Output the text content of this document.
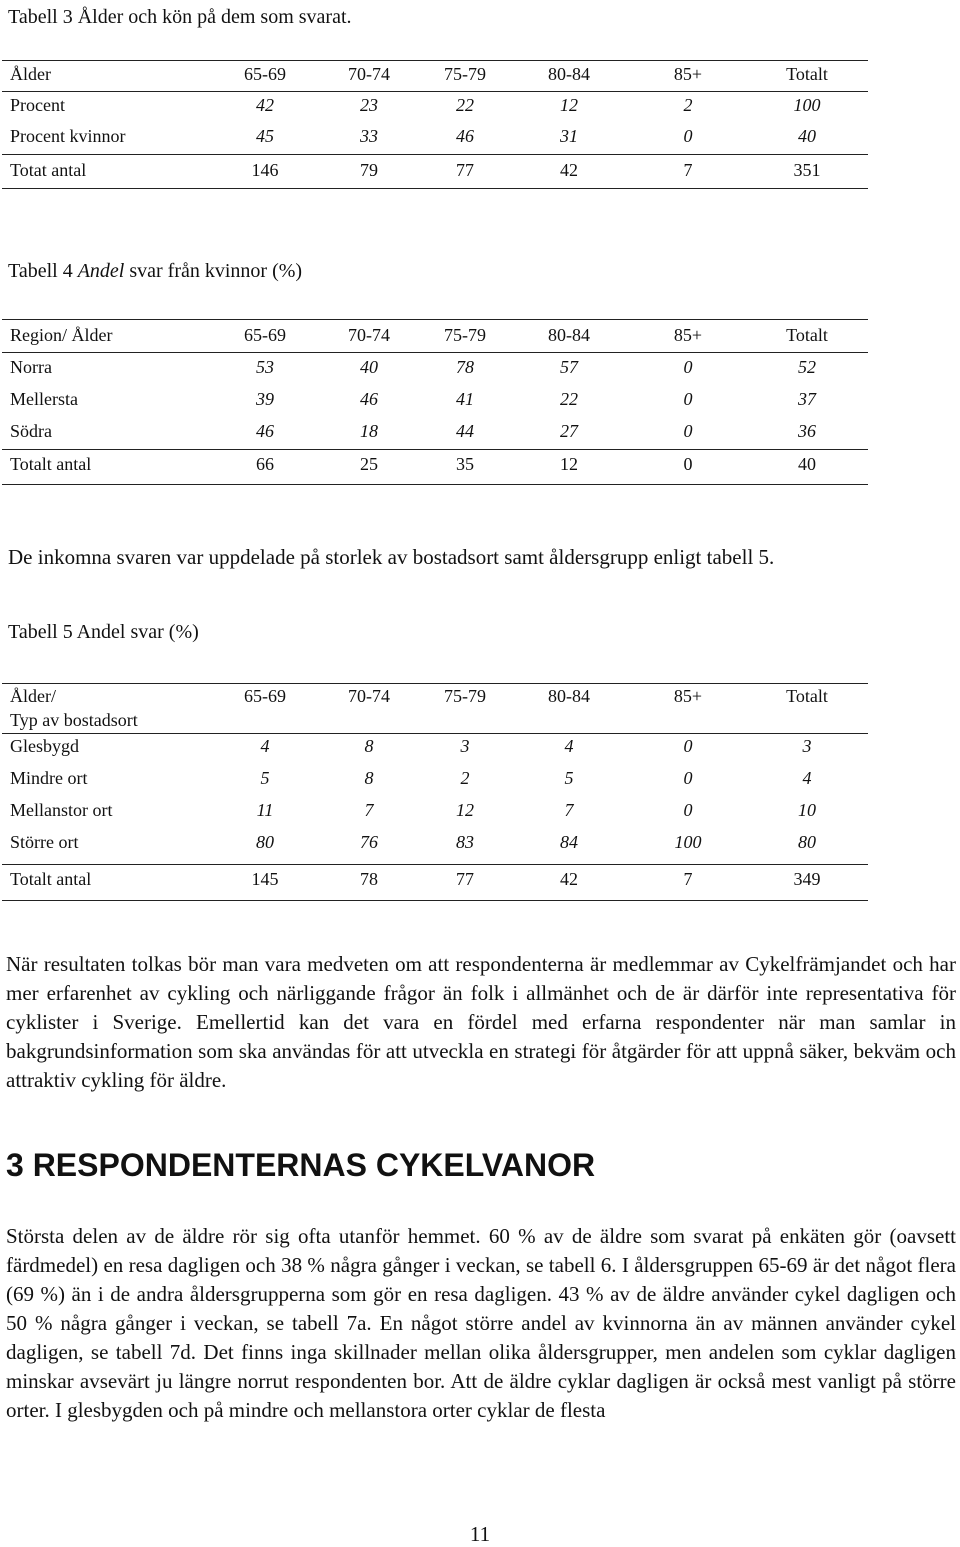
Tabell 3 Ålder och kön på dem som svarat.
Ålder	65-69	70-74	75-79	80-84	85+	Totalt
Procent	42	23	22	12	2	100
Procent kvinnor	45	33	46	31	0	40
Totat antal	146	79	77	42	7	351
Tabell 4 Andel svar från kvinnor (%)
Region/ Ålder	65-69	70-74	75-79	80-84	85+	Totalt
Norra	53	40	78	57	0	52
Mellersta	39	46	41	22	0	37
Södra	46	18	44	27	0	36
Totalt antal	66	25	35	12	0	40
De inkomna svaren var uppdelade på storlek av bostadsort samt åldersgrupp enligt tabell 5.
Tabell 5 Andel svar (%)
Ålder/
Typ av bostadsort
65-69	70-74	75-79	80-84	85+	Totalt
Glesbygd	4	8	3	4	0	3
Mindre ort	5	8	2	5	0	4
Mellanstor ort	11	7	12	7	0	10
Större ort	80	76	83	84	100	80
Totalt antal	145	78	77	42	7	349
När resultaten tolkas bör man vara medveten om att respondenterna är medlemmar av Cykelfrämjandet och har mer erfarenhet av cykling och närliggande frågor än folk i allmänhet och de är därför inte representativa för cyklister i Sverige. Emellertid kan det vara en fördel med erfarna respondenter när man samlar in bakgrundsinformation som ska användas för att utveckla en strategi för åtgärder för att uppnå säker, bekväm och attraktiv cykling för äldre.
3 RESPONDENTERNAS CYKELVANOR
Största delen av de äldre rör sig ofta utanför hemmet. 60 % av de äldre som svarat på enkäten gör (oavsett färdmedel) en resa dagligen och 38 % några gånger i veckan, se tabell 6. I åldersgruppen 65-69 är det något flera (69 %) än i de andra åldersgrupperna som gör en resa dagligen. 43 % av de äldre använder cykel dagligen och 50 % några gånger i veckan, se tabell 7a. En något större andel av kvinnorna än av männen använder cykel dagligen, se tabell 7d. Det finns inga skillnader mellan olika åldersgrupper, men andelen som cyklar dagligen minskar avsevärt ju längre norrut respondenten bor. Att de äldre cyklar dagligen är också mest vanligt på större orter. I glesbygden och på mindre och mellanstora orter cyklar de flesta
11
